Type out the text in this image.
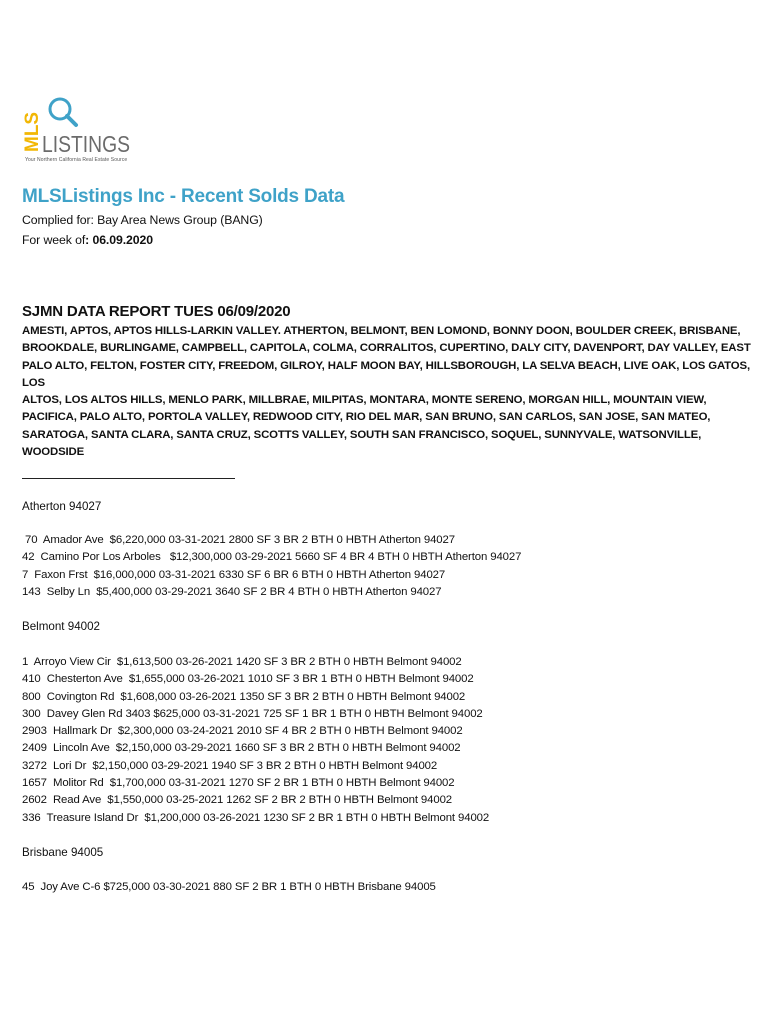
MLS LISTINGS
Your Northern California Real Estate Source
MLSListings Inc - Recent Solds Data
Complied for: Bay Area News Group (BANG)
For week of: 06.09.2020
SJMN DATA REPORT TUES 06/09/2020
AMESTI, APTOS, APTOS HILLS-LARKIN VALLEY. ATHERTON, BELMONT, BEN LOMOND, BONNY DOON, BOULDER CREEK, BRISBANE,
BROOKDALE, BURLINGAME, CAMPBELL, CAPITOLA, COLMA, CORRALITOS, CUPERTINO, DALY CITY, DAVENPORT, DAY VALLEY, EAST
PALO ALTO, FELTON, FOSTER CITY, FREEDOM, GILROY, HALF MOON BAY, HILLSBOROUGH, LA SELVA BEACH, LIVE OAK, LOS GATOS, LOS
ALTOS, LOS ALTOS HILLS, MENLO PARK, MILLBRAE, MILPITAS, MONTARA, MONTE SERENO, MORGAN HILL, MOUNTAIN VIEW,
PACIFICA, PALO ALTO, PORTOLA VALLEY, REDWOOD CITY, RIO DEL MAR, SAN BRUNO, SAN CARLOS, SAN JOSE, SAN MATEO,
SARATOGA, SANTA CLARA, SANTA CRUZ, SCOTTS VALLEY, SOUTH SAN FRANCISCO, SOQUEL, SUNNYVALE, WATSONVILLE, WOODSIDE
Atherton 94027
70  Amador Ave  $6,220,000 03-31-2021 2800 SF 3 BR 2 BTH 0 HBTH Atherton 94027
42  Camino Por Los Arboles   $12,300,000 03-29-2021 5660 SF 4 BR 4 BTH 0 HBTH Atherton 94027
7  Faxon Frst  $16,000,000 03-31-2021 6330 SF 6 BR 6 BTH 0 HBTH Atherton 94027
143  Selby Ln  $5,400,000 03-29-2021 3640 SF 2 BR 4 BTH 0 HBTH Atherton 94027
Belmont 94002
1  Arroyo View Cir  $1,613,500 03-26-2021 1420 SF 3 BR 2 BTH 0 HBTH Belmont 94002
410  Chesterton Ave  $1,655,000 03-26-2021 1010 SF 3 BR 1 BTH 0 HBTH Belmont 94002
800  Covington Rd  $1,608,000 03-26-2021 1350 SF 3 BR 2 BTH 0 HBTH Belmont 94002
300  Davey Glen Rd 3403 $625,000 03-31-2021 725 SF 1 BR 1 BTH 0 HBTH Belmont 94002
2903  Hallmark Dr  $2,300,000 03-24-2021 2010 SF 4 BR 2 BTH 0 HBTH Belmont 94002
2409  Lincoln Ave  $2,150,000 03-29-2021 1660 SF 3 BR 2 BTH 0 HBTH Belmont 94002
3272  Lori Dr  $2,150,000 03-29-2021 1940 SF 3 BR 2 BTH 0 HBTH Belmont 94002
1657  Molitor Rd  $1,700,000 03-31-2021 1270 SF 2 BR 1 BTH 0 HBTH Belmont 94002
2602  Read Ave  $1,550,000 03-25-2021 1262 SF 2 BR 2 BTH 0 HBTH Belmont 94002
336  Treasure Island Dr  $1,200,000 03-26-2021 1230 SF 2 BR 1 BTH 0 HBTH Belmont 94002
Brisbane 94005
45  Joy Ave C-6 $725,000 03-30-2021 880 SF 2 BR 1 BTH 0 HBTH Brisbane 94005
